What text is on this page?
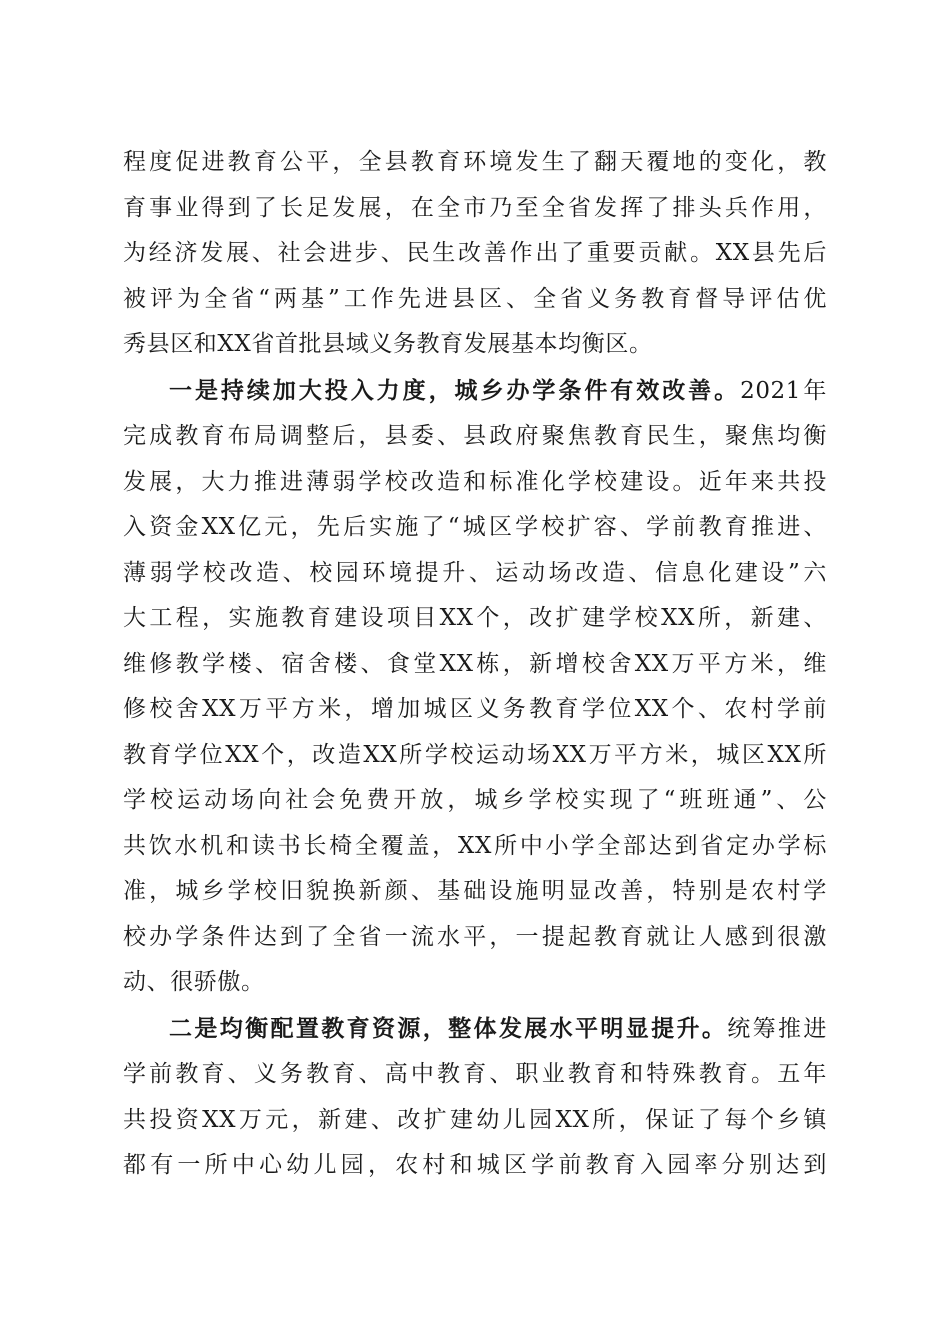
程度促进教育公平，全县教育环境发生了翻天覆地的变化，教
育事业得到了长足发展，在全市乃至全省发挥了排头兵作用，
为经济发展、社会进步、民生改善作出了重要贡献。XX县先后
被评为全省“两基”工作先进县区、全省义务教育督导评估优
秀县区和XX省首批县域义务教育发展基本均衡区。

一是持续加大投入力度，城乡办学条件有效改善。2021年
完成教育布局调整后，县委、县政府聚焦教育民生，聚焦均衡
发展，大力推进薄弱学校改造和标准化学校建设。近年来共投
入资金XX亿元，先后实施了“城区学校扩容、学前教育推进、
薄弱学校改造、校园环境提升、运动场改造、信息化建设”六
大工程，实施教育建设项目XX个，改扩建学校XX所，新建、
维修教学楼、宿舍楼、食堂XX栋，新增校舍XX万平方米，维
修校舍XX万平方米，增加城区义务教育学位XX个、农村学前
教育学位XX个，改造XX所学校运动场XX万平方米，城区XX所
学校运动场向社会免费开放，城乡学校实现了“班班通”、公
共饮水机和读书长椅全覆盖，XX所中小学全部达到省定办学标
准，城乡学校旧貌换新颜、基础设施明显改善，特别是农村学
校办学条件达到了全省一流水平，一提起教育就让人感到很激
动、很骄傲。

二是均衡配置教育资源，整体发展水平明显提升。统筹推进
学前教育、义务教育、高中教育、职业教育和特殊教育。五年
共投资XX万元，新建、改扩建幼儿园XX所，保证了每个乡镇
都有一所中心幼儿园，农村和城区学前教育入园率分别达到
